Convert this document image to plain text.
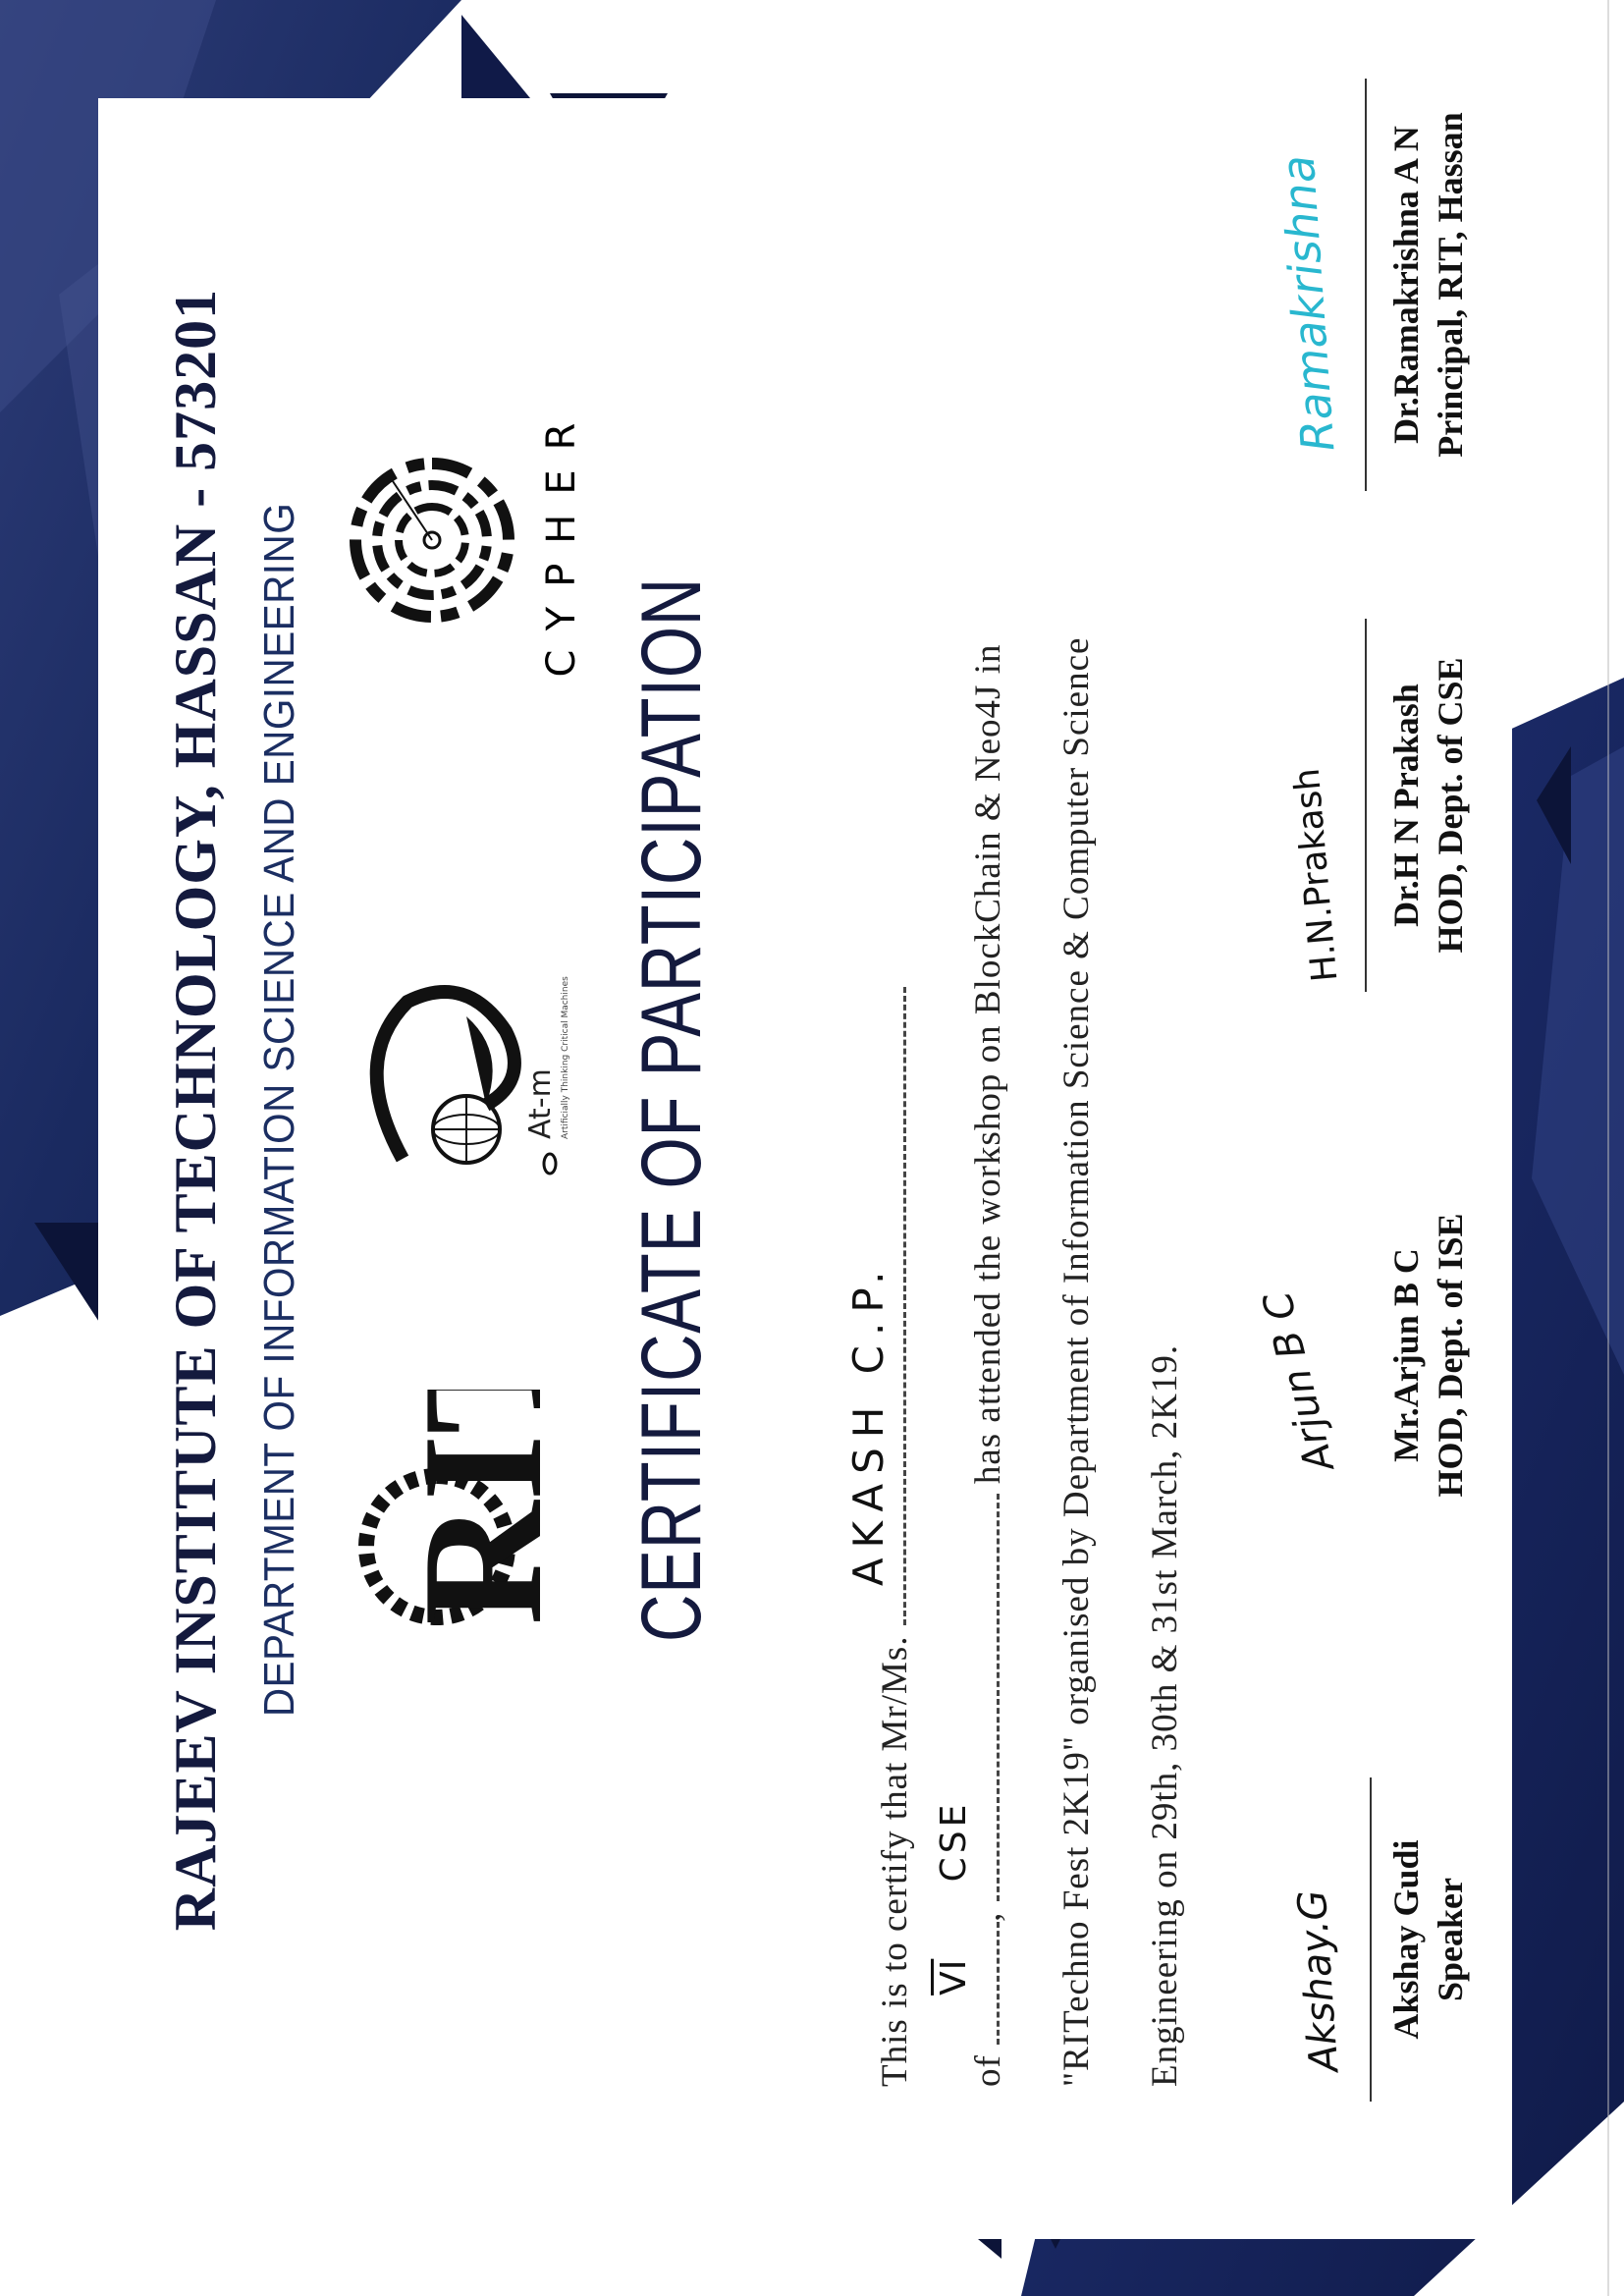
RAJEEV INSTITUTE OF TECHNOLOGY, HASSAN - 573201 DEPARTMENT OF INFORMATION SCIENCE AND ENGINEERING RIT
At-m Artificially Thinking Critical Machines
CYPHER
CERTIFICATE OF PARTICIPATION
This is to certify that Mr/Ms.
AKASH C.P.
of
$\overline{VI}$
,
CSE
has attended the workshop on BlockChain & Neo4J in "RITechno Fest 2K19" organised by Department of Information Science & Computer Science Engineering on 29th, 30th & 31st March, 2K19.	Akshay.G Akshay Gudi Speaker
Arjun B C Mr.Arjun B C HOD, Dept. of ISE
H.N.Prakash Dr.H N Prakash HOD, Dept. of CSE
Ramakrishna Dr.Ramakrishna A N Principal, RIT, Hassan
